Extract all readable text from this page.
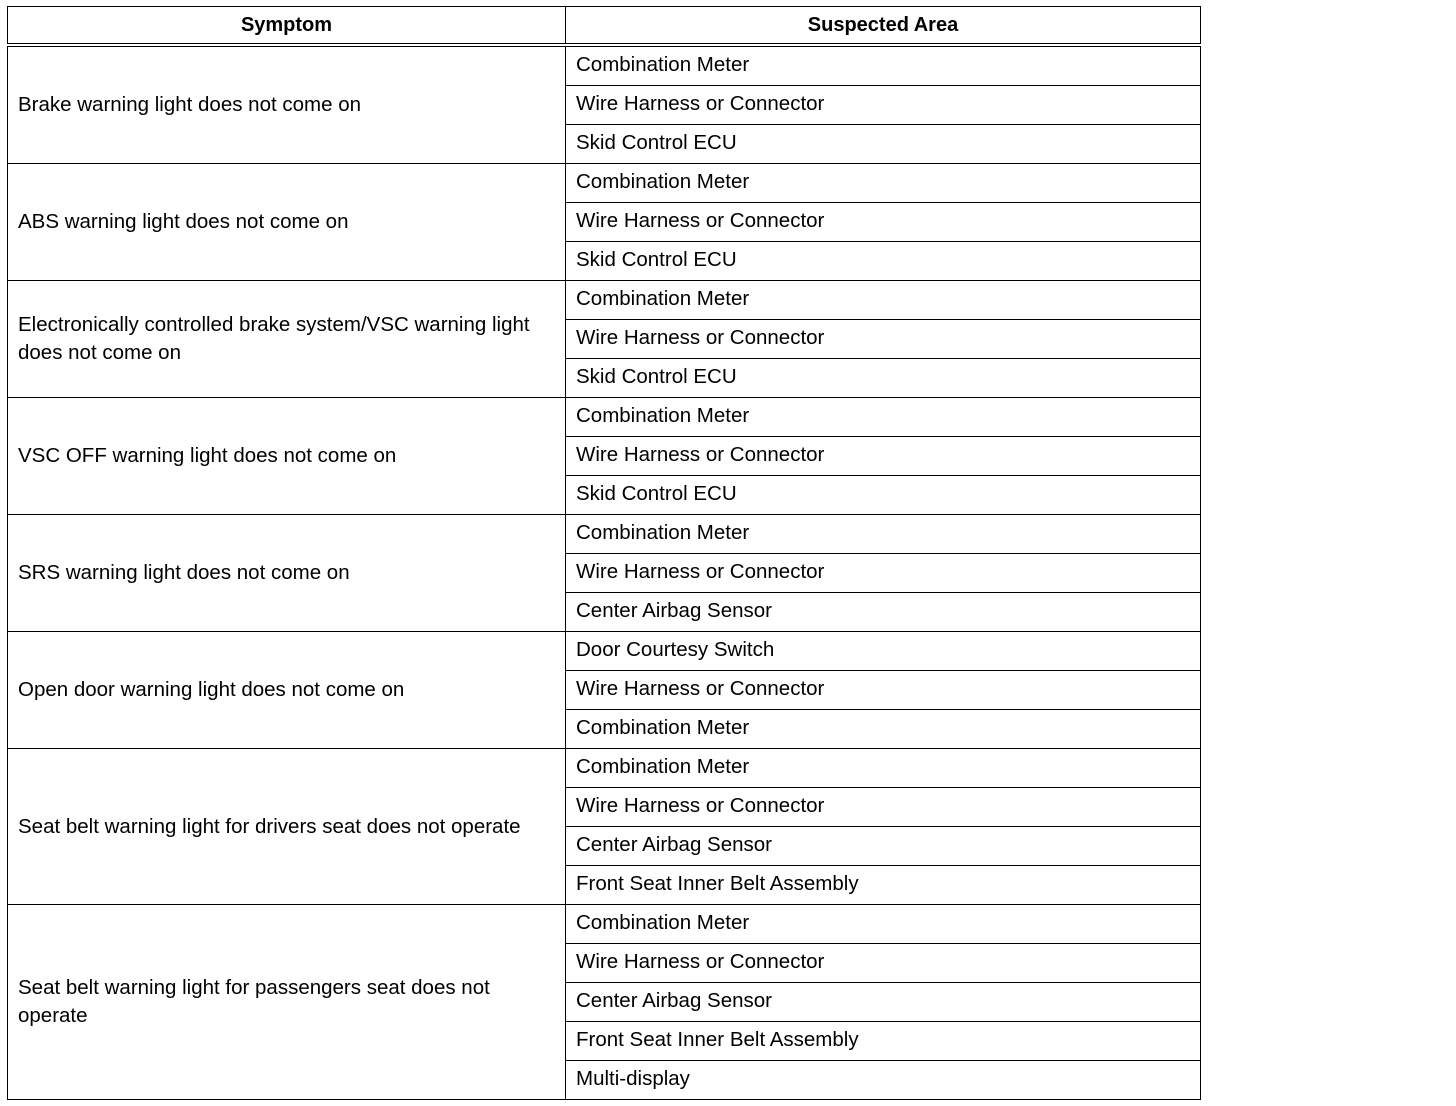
Symptom	Suspected Area
Brake warning light does not come on	Combination Meter
	Wire Harness or Connector
	Skid Control ECU
ABS warning light does not come on	Combination Meter
	Wire Harness or Connector
	Skid Control ECU
Electronically controlled brake system/VSC warning light does not come on	Combination Meter
	Wire Harness or Connector
	Skid Control ECU
VSC OFF warning light does not come on	Combination Meter
	Wire Harness or Connector
	Skid Control ECU
SRS warning light does not come on	Combination Meter
	Wire Harness or Connector
	Center Airbag Sensor
Open door warning light does not come on	Door Courtesy Switch
	Wire Harness or Connector
	Combination Meter
Seat belt warning light for drivers seat does not operate	Combination Meter
	Wire Harness or Connector
	Center Airbag Sensor
	Front Seat Inner Belt Assembly
Seat belt warning light for passengers seat does not operate	Combination Meter
	Wire Harness or Connector
	Center Airbag Sensor
	Front Seat Inner Belt Assembly
	Multi-display
